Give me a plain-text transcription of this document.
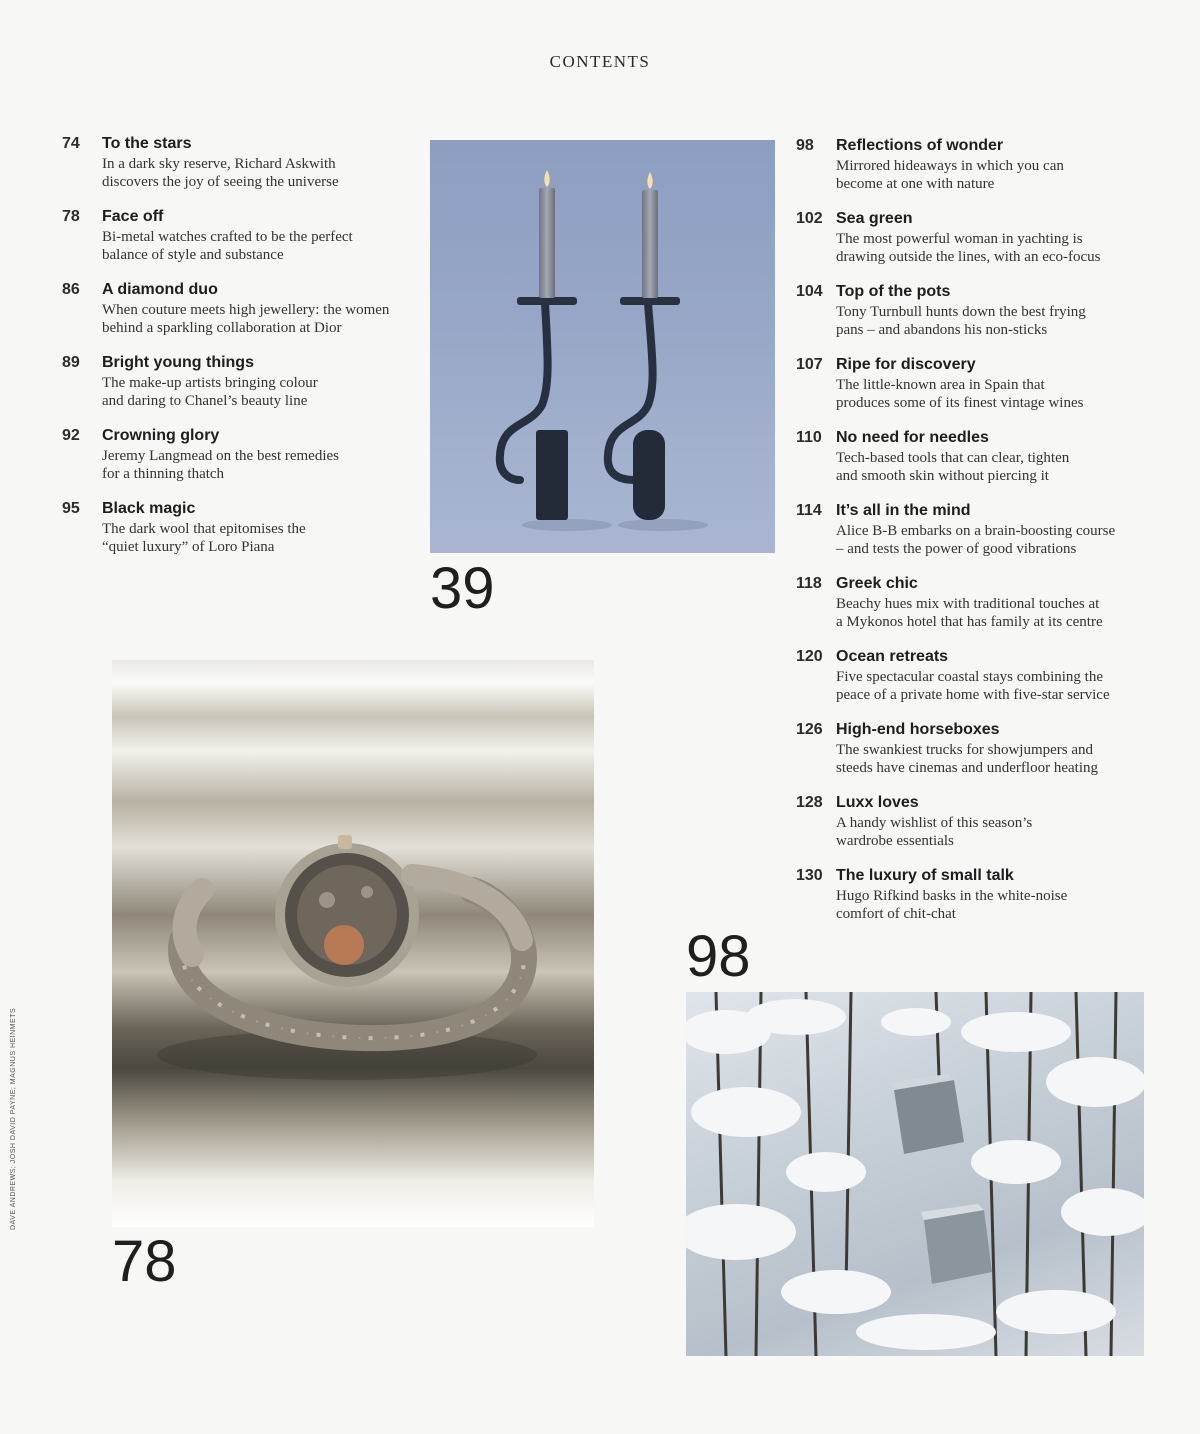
CONTENTS
74 To the stars
In a dark sky reserve, Richard Askwith
discovers the joy of seeing the universe
78 Face off
Bi-metal watches crafted to be the perfect
balance of style and substance
86 A diamond duo
When couture meets high jewellery: the women
behind a sparkling collaboration at Dior
89 Bright young things
The make-up artists bringing colour
and daring to Chanel’s beauty line
92 Crowning glory
Jeremy Langmead on the best remedies
for a thinning thatch
95 Black magic
The dark wool that epitomises the
“quiet luxury” of Loro Piana
98 Reflections of wonder
Mirrored hideaways in which you can
become at one with nature
102 Sea green
The most powerful woman in yachting is
drawing outside the lines, with an eco-focus
104 Top of the pots
Tony Turnbull hunts down the best frying
pans – and abandons his non-sticks
107 Ripe for discovery
The little-known area in Spain that
produces some of its finest vintage wines
110 No need for needles
Tech-based tools that can clear, tighten
and smooth skin without piercing it
114 It’s all in the mind
Alice B-B embarks on a brain-boosting course
– and tests the power of good vibrations
118 Greek chic
Beachy hues mix with traditional touches at
a Mykonos hotel that has family at its centre
120 Ocean retreats
Five spectacular coastal stays combining the
peace of a private home with five-star service
126 High-end horseboxes
The swankiest trucks for showjumpers and
steeds have cinemas and underfloor heating
128 Luxx loves
A handy wishlist of this season’s
wardrobe essentials
130 The luxury of small talk
Hugo Rifkind basks in the white-noise
comfort of chit-chat
39
78
98
DAVE ANDREWS; JOSH DAVID PAYNE; MAGNUS HEINMETS
